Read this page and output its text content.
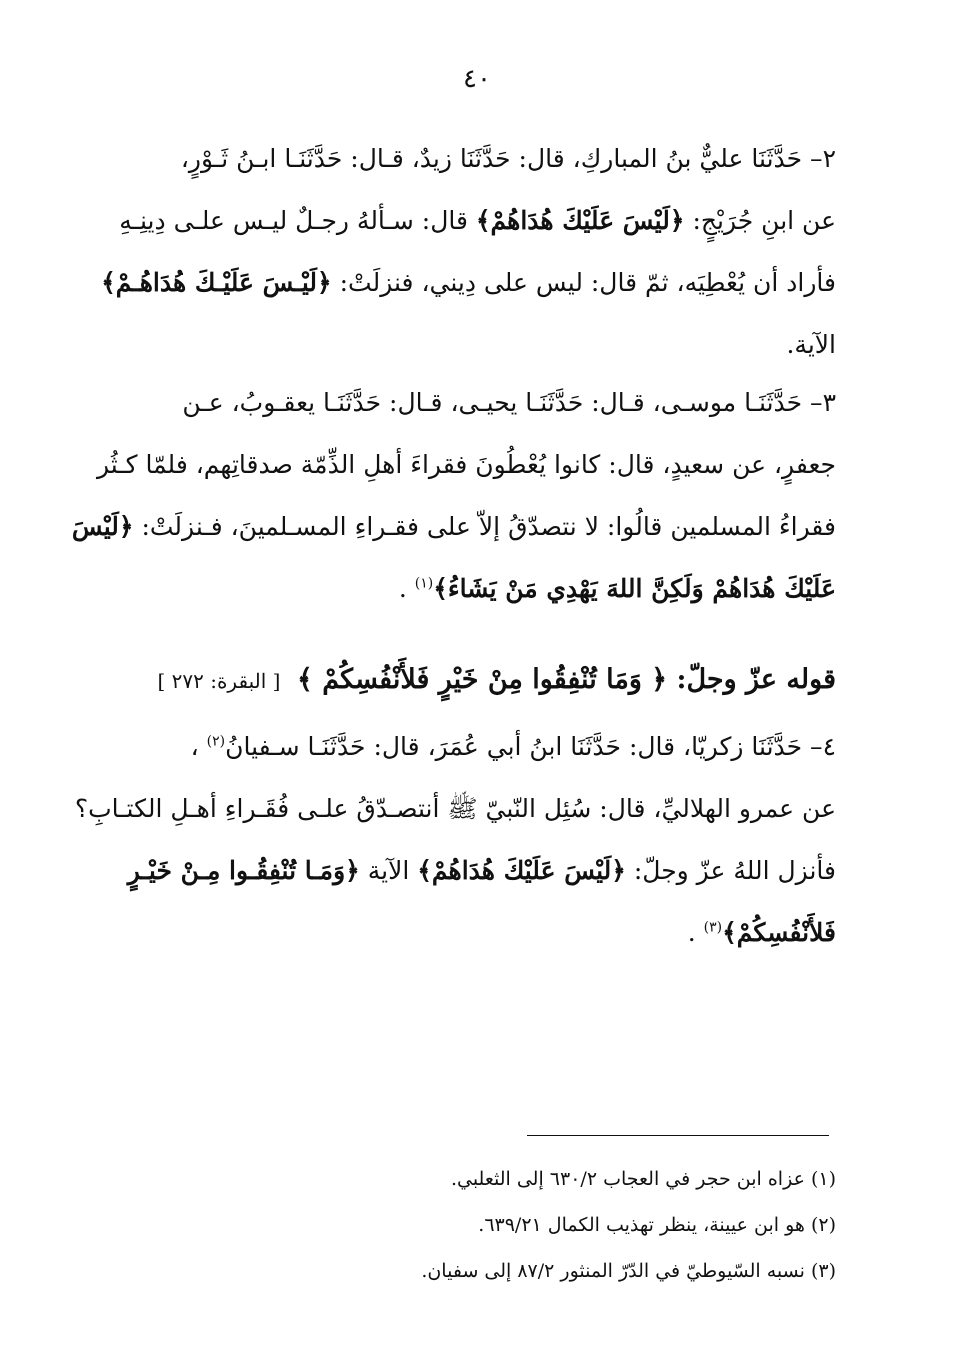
٤٠
٢– حَدَّثَنَا عليٌّ بنُ المباركِ، قال: حَدَّثَنَا زيدٌ، قـال: حَدَّثَنَـا ابـنُ ثَـوْرٍ،
عن ابنِ جُرَيْجٍ: ﴿لَيْسَ عَلَيْكَ هُدَاهُمْ﴾ قال: سـألهُ رجـلٌ ليـس علـى دِينِـهِ
فأراد أن يُعْطِيَه، ثمّ قال: ليس على دِيني، فنزلَتْ: ﴿لَيْـسَ عَلَيْـكَ هُدَاهُـمْ﴾
الآية.
٣– حَدَّثَنَـا موسـى، قـال: حَدَّثَنَـا يحيـى، قـال: حَدَّثَنَـا يعقـوبُ، عـن
جعفرٍ، عن سعيدٍ، قال: كانوا يُعْطُونَ فقراءَ أهلِ الذِّمّة صدقاتِهم، فلمّا كـثُر
فقراءُ المسلمين قالُوا: لا نتصدّقُ إلاّ على فقـراءِ المسـلمينَ، فـنزلَتْ: ﴿لَيْسَ
عَلَيْكَ هُدَاهُمْ وَلَكِنَّ اللهَ يَهْدِي مَنْ يَشَاءُ﴾$^{(١)}$ .
قوله عزّ وجلّ: ﴿ وَمَا تُنْفِقُوا مِنْ خَيْرٍ فَلأَنْفُسِكُمْ ﴾  [ البقرة: ٢٧٢ ]
٤– حَدَّثَنَا زكريّا، قال: حَدَّثَنَا ابنُ أبي عُمَرَ، قال: حَدَّثَنَـا سـفيانُ$^{(٢)}$ ،
عن عمرو الهلاليِّ، قال: سُئِل النّبيّ ﷺ أنتصـدّقُ علـى فُقَـراءِ أهـلِ الكتـابِ؟
فأنزل اللهُ عزّ وجلّ: ﴿لَيْسَ عَلَيْكَ هُدَاهُمْ﴾ الآية ﴿وَمَـا تُنْفِقُـوا مِـنْ خَيْـرٍ
فَلأَنْفُسِكُمْ﴾$^{(٣)}$ .
(١) عزاه ابن حجر في العجاب ٦٣٠/٢ إلى الثعلبي.
(٢) هو ابن عيينة، ينظر تهذيب الكمال ٦٣٩/٢١.
(٣) نسبه السّيوطيّ في الدّرّ المنثور ٨٧/٢ إلى سفيان.
